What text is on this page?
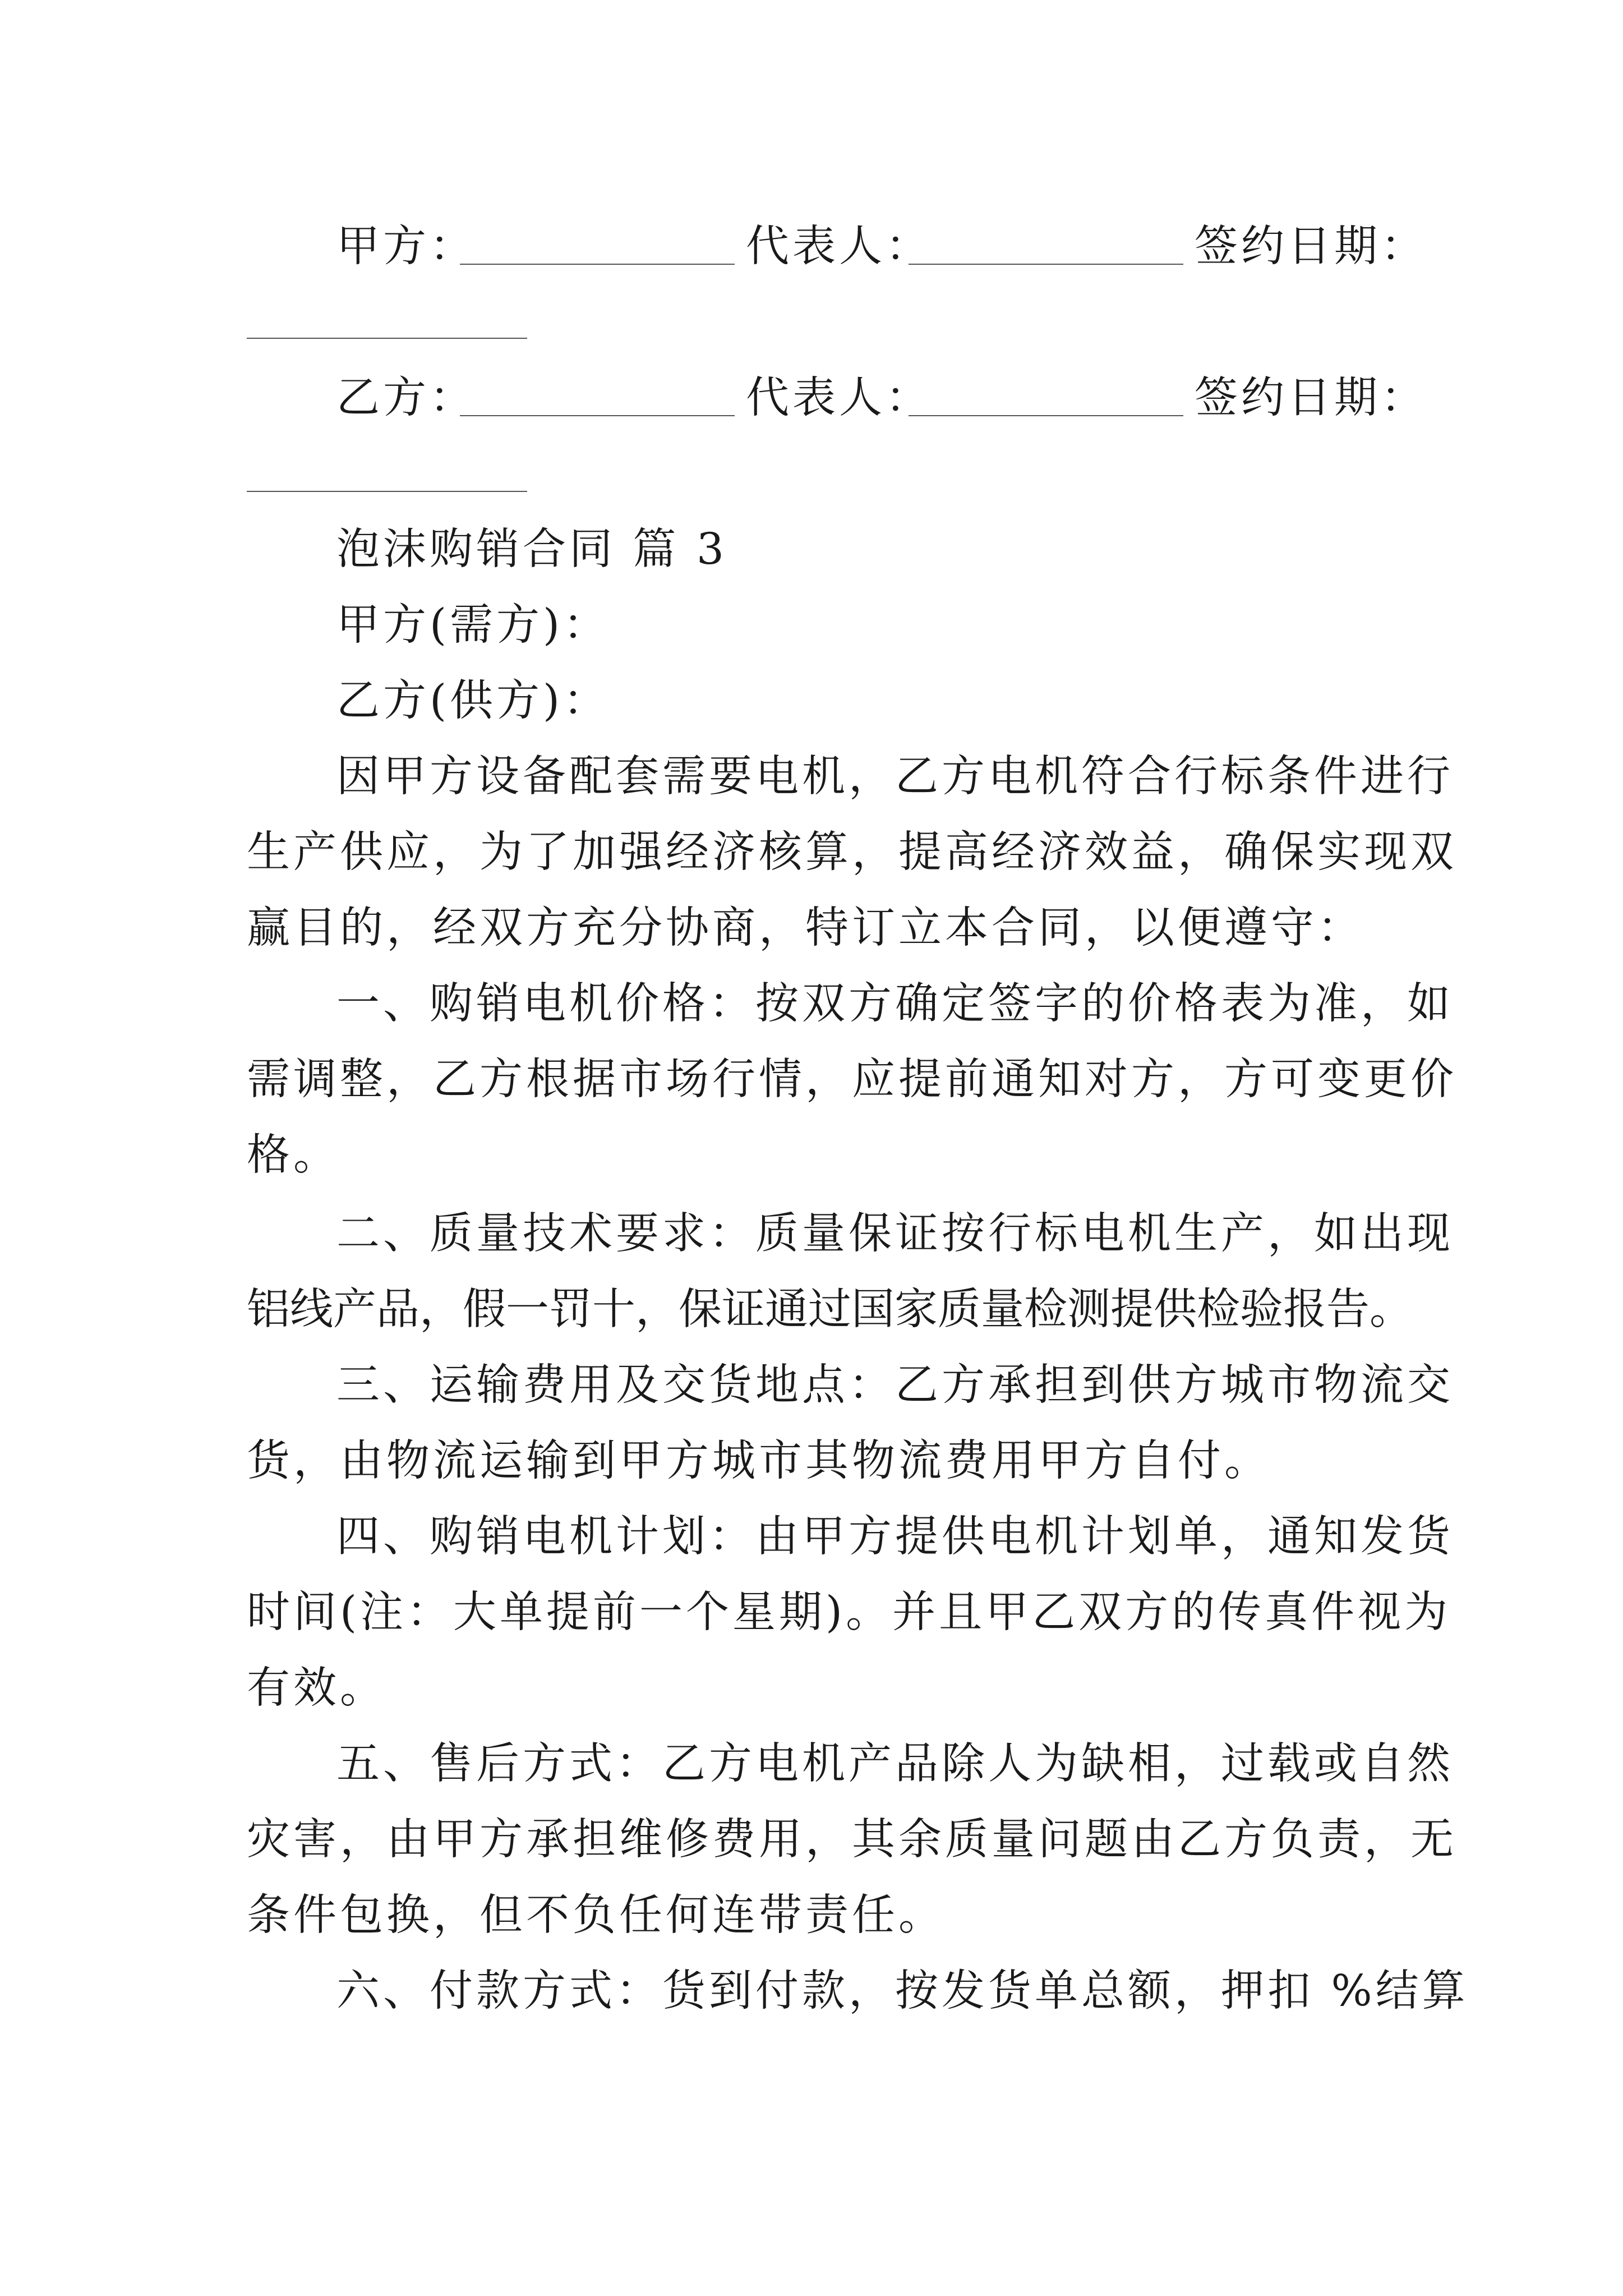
甲方：	代表人：	签约日期：
乙方：	代表人：	签约日期：
泡沫购销合同 篇 3
甲方(需方)：
乙方(供方)：
因甲方设备配套需要电机，乙方电机符合行标条件进行
生产供应，为了加强经济核算，提高经济效益，确保实现双
赢目的，经双方充分协商，特订立本合同，以便遵守：
一、购销电机价格：按双方确定签字的价格表为准，如
需调整，乙方根据市场行情，应提前通知对方，方可变更价
格。
二、质量技术要求：质量保证按行标电机生产，如出现
铝线产品，假一罚十，保证通过国家质量检测提供检验报告。
三、运输费用及交货地点：乙方承担到供方城市物流交
货，由物流运输到甲方城市其物流费用甲方自付。
四、购销电机计划：由甲方提供电机计划单，通知发货
时间(注：大单提前一个星期)。并且甲乙双方的传真件视为
有效。
五、售后方式：乙方电机产品除人为缺相，过载或自然
灾害，由甲方承担维修费用，其余质量问题由乙方负责，无
条件包换，但不负任何连带责任。
六、付款方式：货到付款，按发货单总额，押扣 %结算
